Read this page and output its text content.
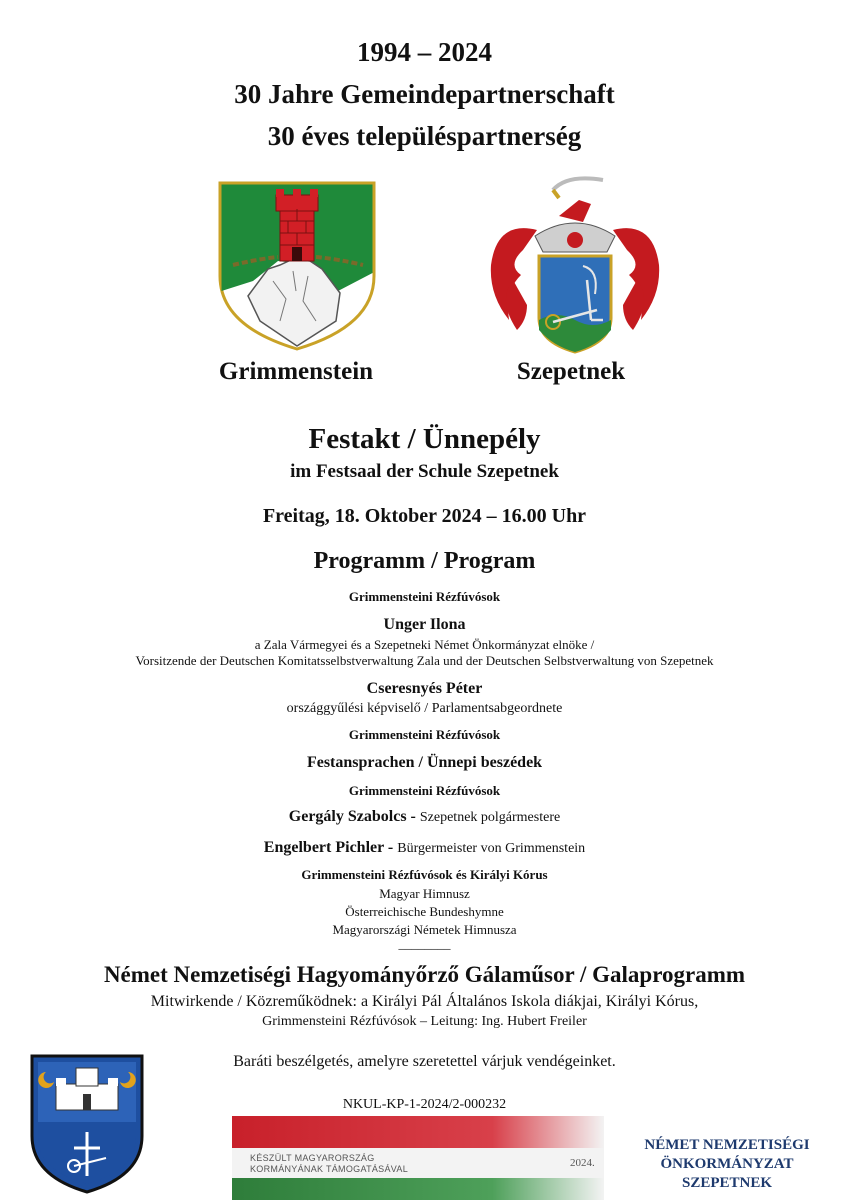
1994 – 2024
30 Jahre Gemeindepartnerschaft
30 éves településpartnerség
Grimmenstein	Szepetnek
Festakt / Ünnepély
im Festsaal der Schule Szepetnek
Freitag, 18. Oktober 2024 – 16.00 Uhr
Programm / Program
Grimmensteini Rézfúvósok
Unger Ilona
a Zala Vármegyei és a Szepetneki Német Önkormányzat elnöke /
Vorsitzende der Deutschen Komitatsselbstverwaltung Zala und der Deutschen Selbstverwaltung von Szepetnek
Cseresnyés Péter
országgyűlési képviselő / Parlamentsabgeordnete
Grimmensteini Rézfúvósok
Festansprachen / Ünnepi beszédek
Grimmensteini Rézfúvósok
Gergály Szabolcs - Szepetnek polgármestere
Engelbert Pichler - Bürgermeister von Grimmenstein
Grimmensteini Rézfúvósok és Királyi Kórus
Magyar Himnusz
Österreichische Bundeshymne
Magyarországi Németek Himnusza
________
Német Nemzetiségi Hagyományőrző Gálaműsor / Galaprogramm
Mitwirkende / Közreműködnek: a Királyi Pál Általános Iskola diákjai, Királyi Kórus,
Grimmensteini Rézfúvósok – Leitung: Ing. Hubert Freiler
Baráti beszélgetés, amelyre szeretettel várjuk vendégeinket.
NKUL-KP-1-2024/2-000232
KÉSZÜLT MAGYARORSZÁG
KORMÁNYÁNAK TÁMOGATÁSÁVAL	2024.
NÉMET NEMZETISÉGI
ÖNKORMÁNYZAT
SZEPETNEK
